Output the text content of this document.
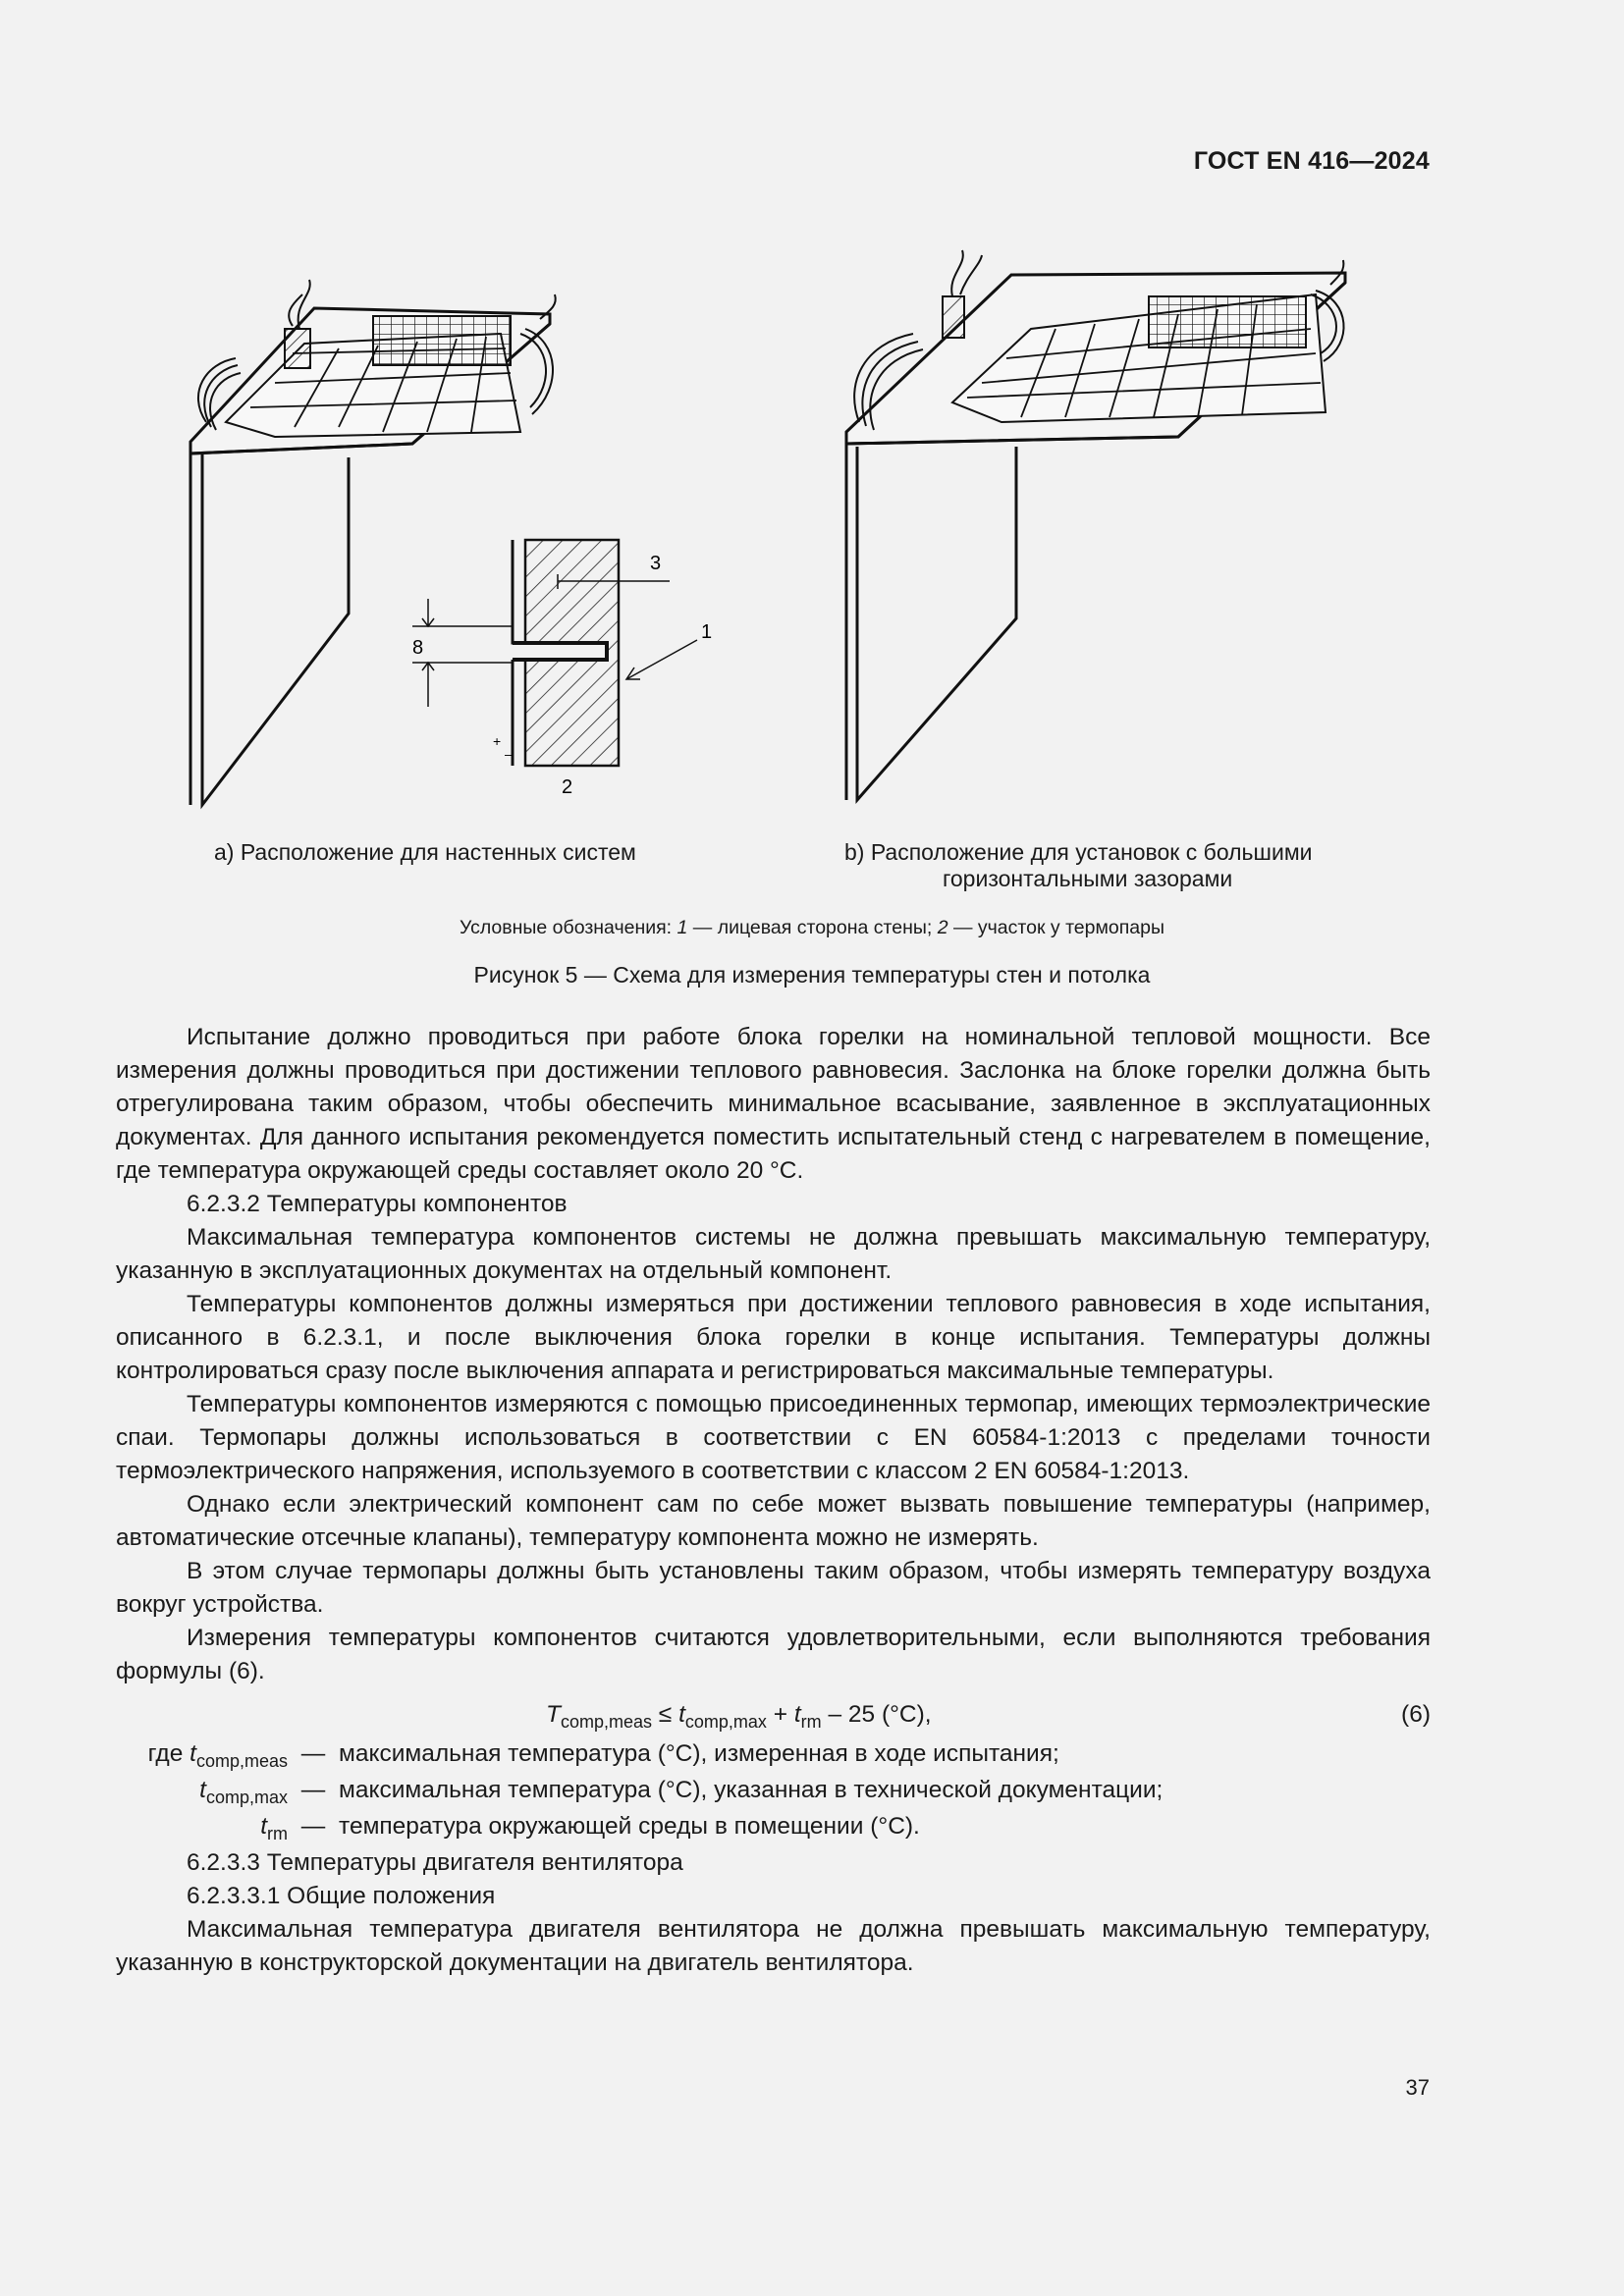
ГОСТ EN 416—2024
3
8
1
2
+
–
a) Расположение для настенных систем	b) Расположение для установок с большими
горизонтальными зазорами
Условные обозначения: 1 — лицевая сторона стены; 2 — участок у термопары
Рисунок 5 — Схема для измерения температуры стен и потолка

Испытание должно проводиться при работе блока горелки на номинальной тепловой мощности. Все измерения должны проводиться при достижении теплового равновесия. Заслонка на блоке горелки должна быть отрегулирована таким образом, чтобы обеспечить минимальное всасывание, заявленное в эксплуатационных документах. Для данного испытания рекомендуется поместить испытательный стенд с нагревателем в помещение, где температура окружающей среды составляет около 20 °С.

6.2.3.2 Температуры компонентов

Максимальная температура компонентов системы не должна превышать максимальную температуру, указанную в эксплуатационных документах на отдельный компонент.

Температуры компонентов должны измеряться при достижении теплового равновесия в ходе испытания, описанного в 6.2.3.1, и после выключения блока горелки в конце испытания. Температуры должны контролироваться сразу после выключения аппарата и регистрироваться максимальные температуры.

Температуры компонентов измеряются с помощью присоединенных термопар, имеющих термоэлектрические спаи. Термопары должны использоваться в соответствии с EN 60584-1:2013 с пределами точности термоэлектрического напряжения, используемого в соответствии с классом 2 EN 60584-1:2013.

Однако если электрический компонент сам по себе может вызвать повышение температуры (например, автоматические отсечные клапаны), температуру компонента можно не измерять.

В этом случае термопары должны быть установлены таким образом, чтобы измерять температуру воздуха вокруг устройства.

Измерения температуры компонентов считаются удовлетворительными, если выполняются требования формулы (6).

$T_{comp,meas} \le t_{comp,max} + t_{rm} - 25$ (°С),	(6)
где $t_{comp,meas}$ — максимальная температура (°С), измеренная в ходе испытания;
$t_{comp,max}$ — максимальная температура (°С), указанная в технической документации;
$t_{rm}$ — температура окружающей среды в помещении (°С).

6.2.3.3 Температуры двигателя вентилятора

6.2.3.3.1 Общие положения

Максимальная температура двигателя вентилятора не должна превышать максимальную температуру, указанную в конструкторской документации на двигатель вентилятора.

37
